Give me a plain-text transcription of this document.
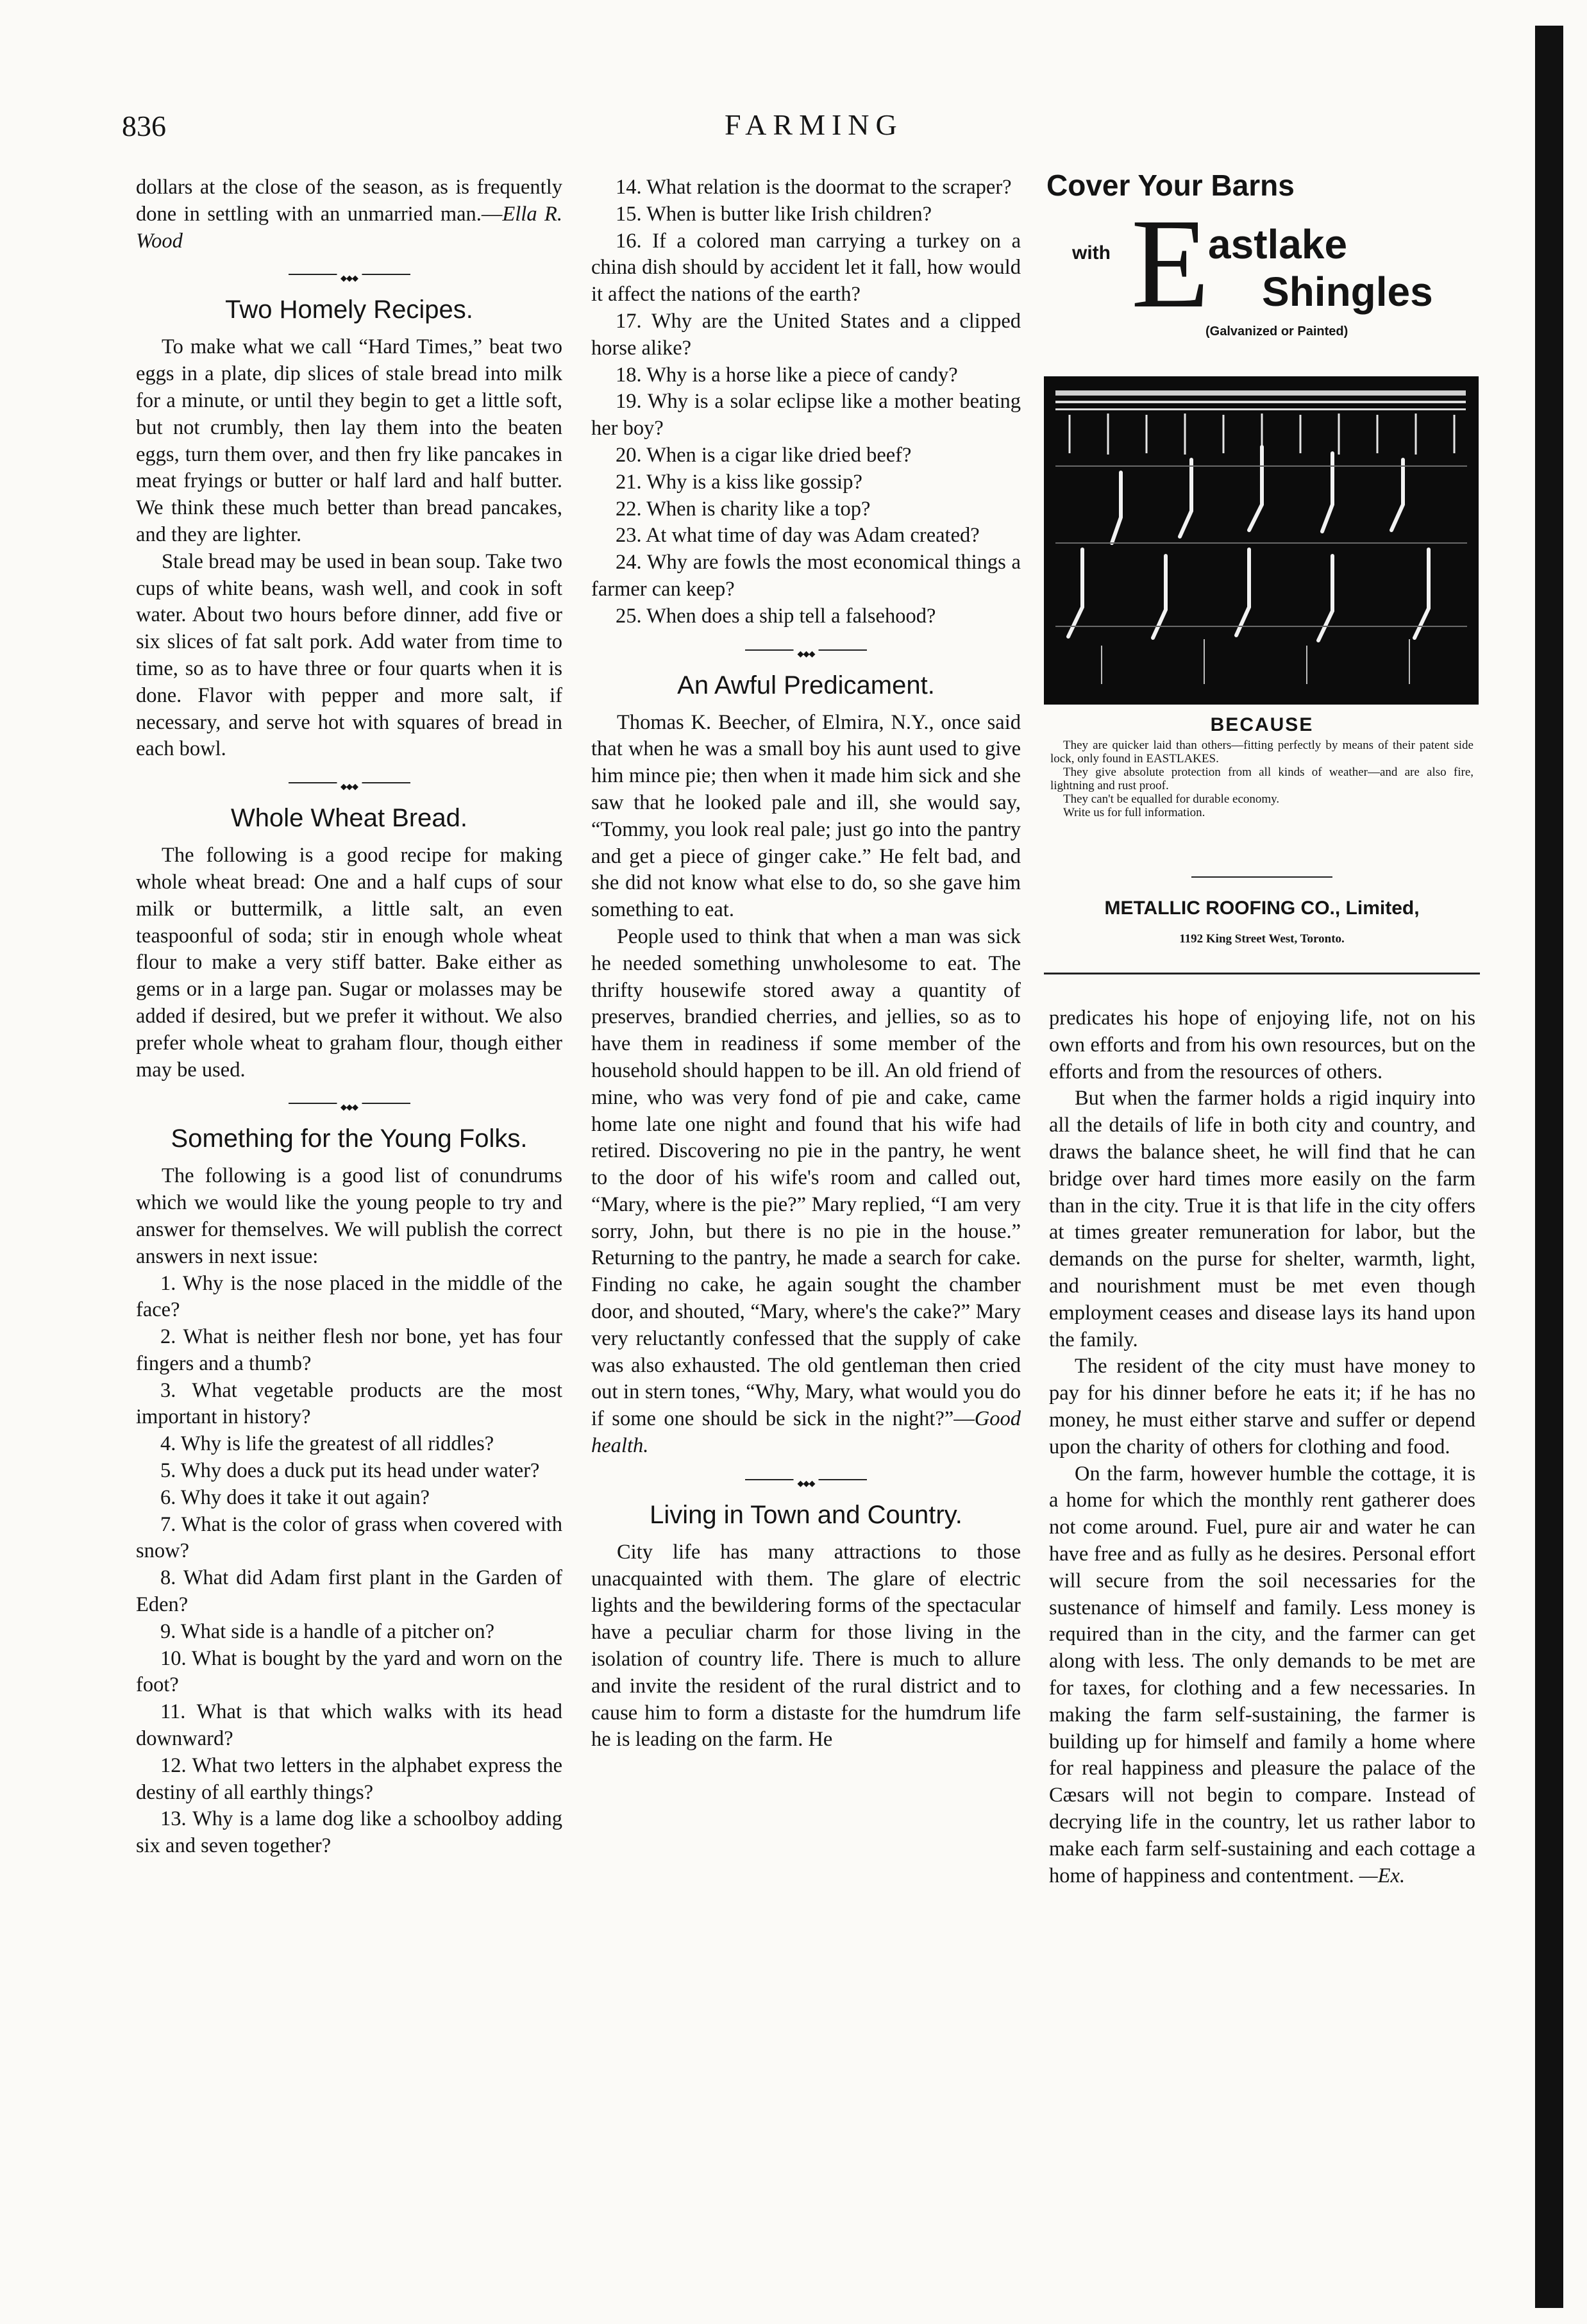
836	FARMING

dollars at the close of the season, as is frequently done in settling with an unmarried man.—Ella R. Wood

◆◆◆
Two Homely Recipes.

To make what we call “Hard Times,” beat two eggs in a plate, dip slices of stale bread into milk for a minute, or until they begin to get a little soft, but not crumbly, then lay them into the beaten eggs, turn them over, and then fry like pancakes in meat fryings or butter or half lard and half butter. We think these much better than bread pancakes, and they are lighter.

Stale bread may be used in bean soup. Take two cups of white beans, wash well, and cook in soft water. About two hours before dinner, add five or six slices of fat salt pork. Add water from time to time, so as to have three or four quarts when it is done. Flavor with pepper and more salt, if necessary, and serve hot with squares of bread in each bowl.

◆◆◆
Whole Wheat Bread.

The following is a good recipe for making whole wheat bread: One and a half cups of sour milk or buttermilk, a little salt, an even teaspoonful of soda; stir in enough whole wheat flour to make a very stiff batter. Bake either as gems or in a large pan. Sugar or molasses may be added if desired, but we prefer it without. We also prefer whole wheat to graham flour, though either may be used.

◆◆◆
Something for the Young Folks.

The following is a good list of conundrums which we would like the young people to try and answer for themselves. We will publish the correct answers in next issue:

1. Why is the nose placed in the middle of the face?

2. What is neither flesh nor bone, yet has four fingers and a thumb?

3. What vegetable products are the most important in history?

4. Why is life the greatest of all riddles?

5. Why does a duck put its head under water?

6. Why does it take it out again?

7. What is the color of grass when covered with snow?

8. What did Adam first plant in the Garden of Eden?

9. What side is a handle of a pitcher on?

10. What is bought by the yard and worn on the foot?

11. What is that which walks with its head downward?

12. What two letters in the alphabet express the destiny of all earthly things?

13. Why is a lame dog like a schoolboy adding six and seven together?

14. What relation is the doormat to the scraper?

15. When is butter like Irish children?

16. If a colored man carrying a turkey on a china dish should by accident let it fall, how would it affect the nations of the earth?

17. Why are the United States and a clipped horse alike?

18. Why is a horse like a piece of candy?

19. Why is a solar eclipse like a mother beating her boy?

20. When is a cigar like dried beef?

21. Why is a kiss like gossip?

22. When is charity like a top?

23. At what time of day was Adam created?

24. Why are fowls the most economical things a farmer can keep?

25. When does a ship tell a falsehood?

◆◆◆
An Awful Predicament.

Thomas K. Beecher, of Elmira, N.Y., once said that when he was a small boy his aunt used to give him mince pie; then when it made him sick and she saw that he looked pale and ill, she would say, “Tommy, you look real pale; just go into the pantry and get a piece of ginger cake.” He felt bad, and she did not know what else to do, so she gave him something to eat.

People used to think that when a man was sick he needed something unwholesome to eat. The thrifty housewife stored away a quantity of preserves, brandied cherries, and jellies, so as to have them in readiness if some member of the household should happen to be ill. An old friend of mine, who was very fond of pie and cake, came home late one night and found that his wife had retired. Discovering no pie in the pantry, he went to the door of his wife's room and called out, “Mary, where is the pie?” Mary replied, “I am very sorry, John, but there is no pie in the house.” Returning to the pantry, he made a search for cake. Finding no cake, he again sought the chamber door, and shouted, “Mary, where's the cake?” Mary very reluctantly confessed that the supply of cake was also exhausted. The old gentleman then cried out in stern tones, “Why, Mary, what would you do if some one should be sick in the night?”—Good health.

◆◆◆
Living in Town and Country.

City life has many attractions to those unacquainted with them. The glare of electric lights and the bewildering forms of the spectacular have a peculiar charm for those living in the isolation of country life. There is much to allure and invite the resident of the rural district and to cause him to form a distaste for the humdrum life he is leading on the farm. He

Cover Your Barns
with E
astlake
Shingles
(Galvanized or Painted)
BECAUSE

They are quicker laid than others—fitting perfectly by means of their patent side lock, only found in EASTLAKES.

They give absolute protection from all kinds of weather—and are also fire, lightning and rust proof.

They can't be equalled for durable economy.

Write us for full information.

METALLIC ROOFING CO., Limited,
1192 King Street West, Toronto.

predicates his hope of enjoying life, not on his own efforts and from his own resources, but on the efforts and from the resources of others.

But when the farmer holds a rigid inquiry into all the details of life in both city and country, and draws the balance sheet, he will find that he can bridge over hard times more easily on the farm than in the city. True it is that life in the city offers at times greater remuneration for labor, but the demands on the purse for shelter, warmth, light, and nourishment must be met even though employment ceases and disease lays its hand upon the family.

The resident of the city must have money to pay for his dinner before he eats it; if he has no money, he must either starve and suffer or depend upon the charity of others for clothing and food.

On the farm, however humble the cottage, it is a home for which the monthly rent gatherer does not come around. Fuel, pure air and water he can have free and as fully as he desires. Personal effort will secure from the soil necessaries for the sustenance of himself and family. Less money is required than in the city, and the farmer can get along with less. The only demands to be met are for taxes, for clothing and a few necessaries. In making the farm self-sustaining, the farmer is building up for himself and family a home where for real happiness and pleasure the palace of the Cæsars will not begin to compare. Instead of decrying life in the country, let us rather labor to make each farm self-sustaining and each cottage a home of happiness and contentment. —Ex.
